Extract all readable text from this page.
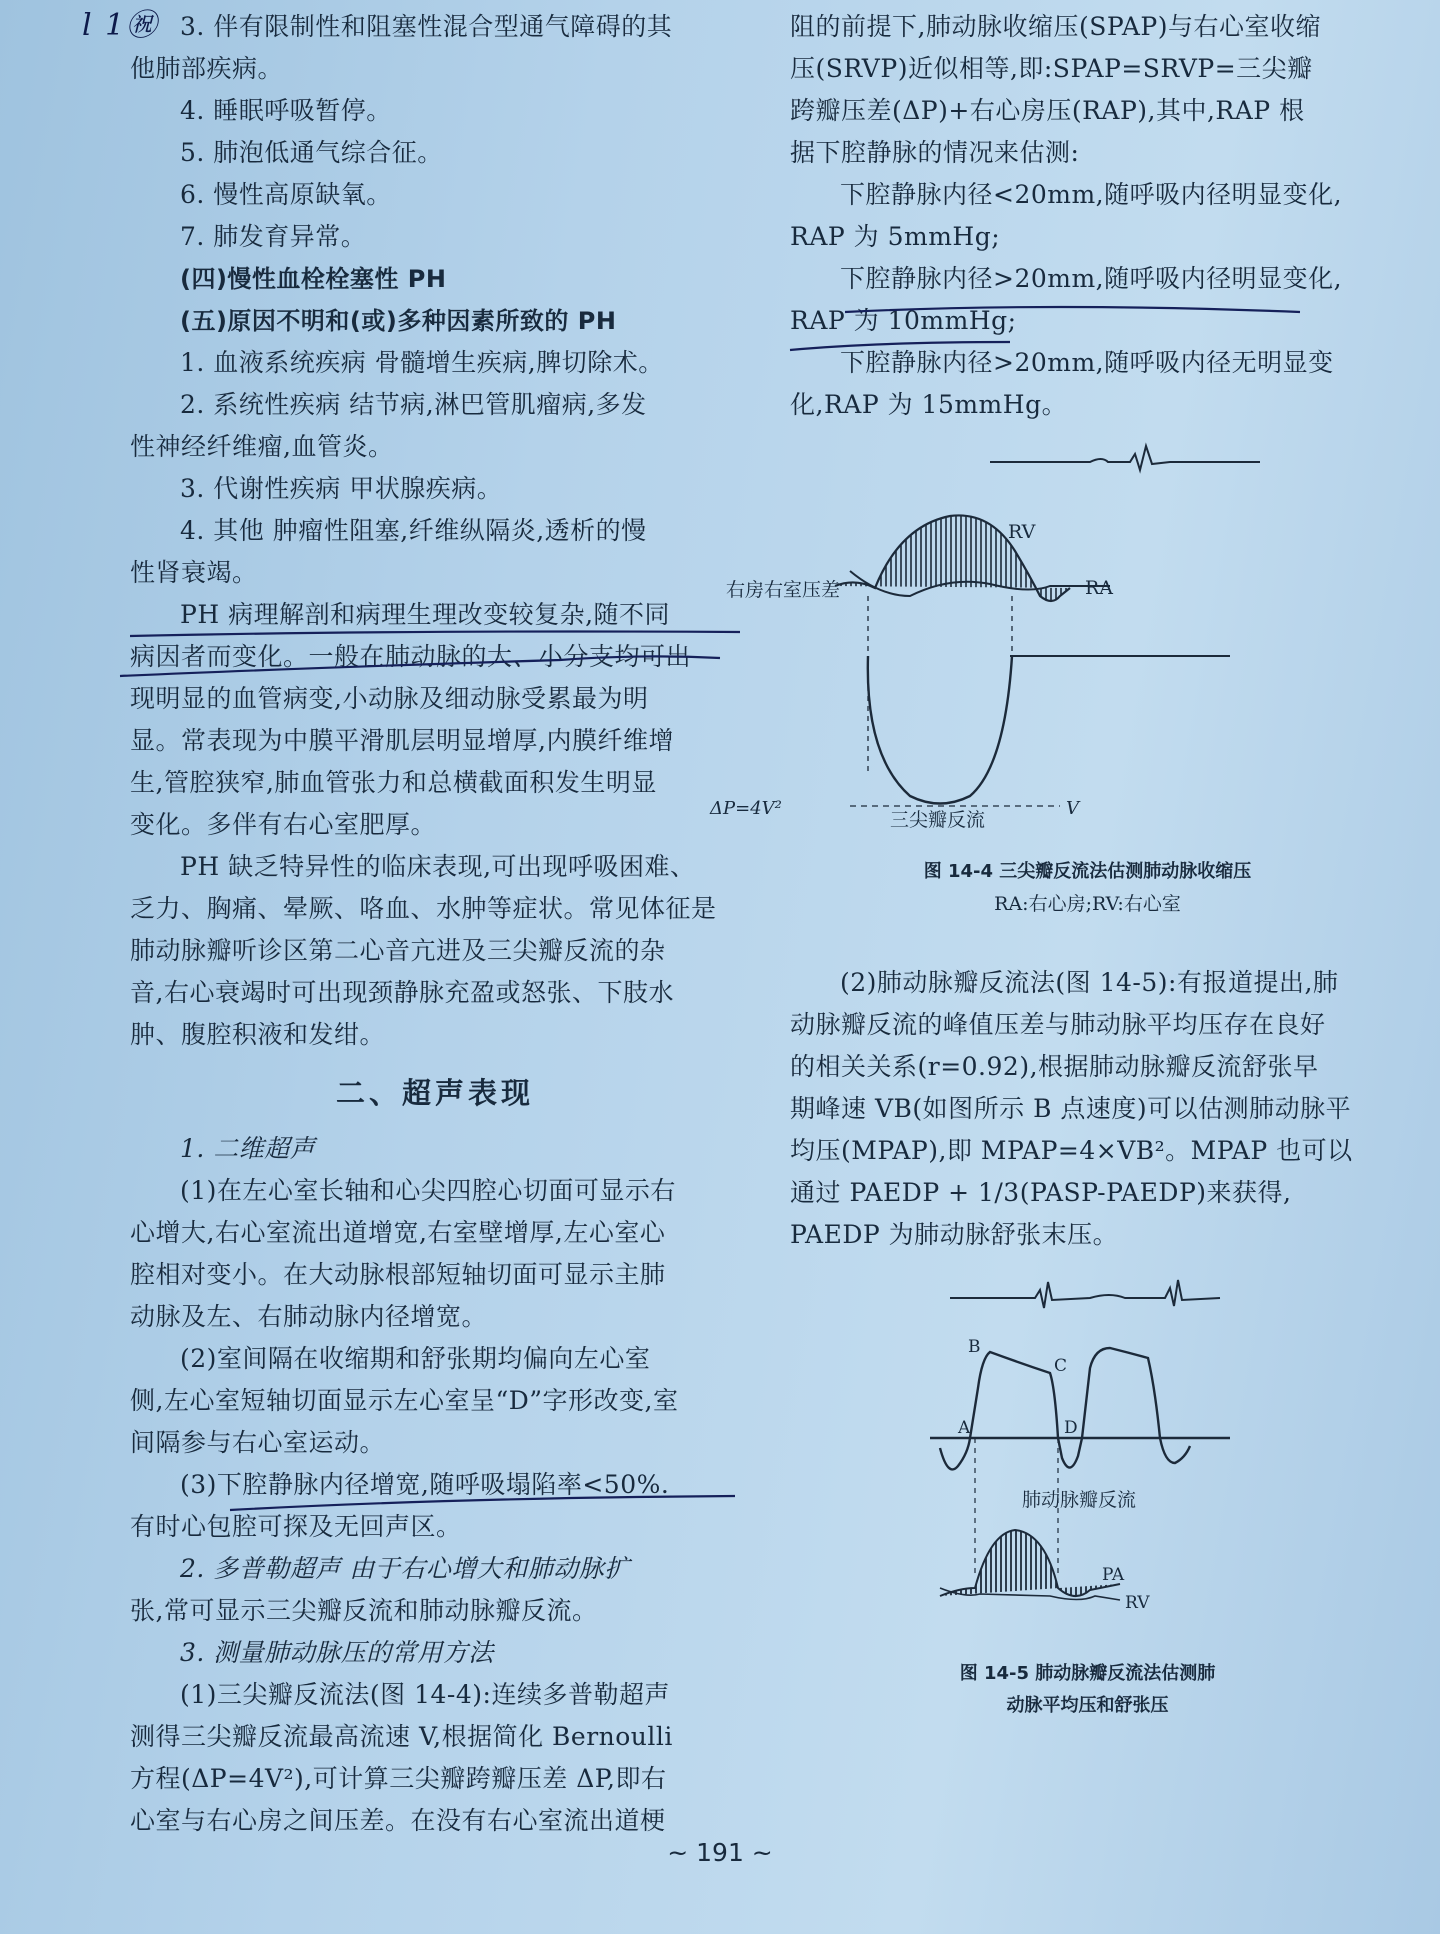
l 1㊗ 3. 伴有限制性和阻塞性混合型通气障碍的其

他肺部疾病。

4. 睡眠呼吸暂停。

5. 肺泡低通气综合征。

6. 慢性高原缺氧。

7. 肺发育异常。

(四)慢性血栓栓塞性 PH

(五)原因不明和(或)多种因素所致的 PH

1. 血液系统疾病 骨髓增生疾病,脾切除术。

2. 系统性疾病 结节病,淋巴管肌瘤病,多发

性神经纤维瘤,血管炎。

3. 代谢性疾病 甲状腺疾病。

4. 其他 肿瘤性阻塞,纤维纵隔炎,透析的慢

性肾衰竭。

PH 病理解剖和病理生理改变较复杂,随不同

病因者而变化。一般在肺动脉的大、小分支均可出

现明显的血管病变,小动脉及细动脉受累最为明

显。常表现为中膜平滑肌层明显增厚,内膜纤维增

生,管腔狭窄,肺血管张力和总横截面积发生明显

变化。多伴有右心室肥厚。

PH 缺乏特异性的临床表现,可出现呼吸困难、

乏力、胸痛、晕厥、咯血、水肿等症状。常见体征是

肺动脉瓣听诊区第二心音亢进及三尖瓣反流的杂

音,右心衰竭时可出现颈静脉充盈或怒张、下肢水

肿、腹腔积液和发绀。

二、超声表现

1. 二维超声

(1)在左心室长轴和心尖四腔心切面可显示右

心增大,右心室流出道增宽,右室壁增厚,左心室心

腔相对变小。在大动脉根部短轴切面可显示主肺

动脉及左、右肺动脉内径增宽。

(2)室间隔在收缩期和舒张期均偏向左心室

侧,左心室短轴切面显示左心室呈“D”字形改变,室

间隔参与右心室运动。

(3)下腔静脉内径增宽,随呼吸塌陷率<50%.

有时心包腔可探及无回声区。

2. 多普勒超声 由于右心增大和肺动脉扩

张,常可显示三尖瓣反流和肺动脉瓣反流。

3. 测量肺动脉压的常用方法

(1)三尖瓣反流法(图 14-4):连续多普勒超声

测得三尖瓣反流最高流速 V,根据简化 Bernoulli

方程(ΔP=4V²),可计算三尖瓣跨瓣压差 ΔP,即右

心室与右心房之间压差。在没有右心室流出道梗

阻的前提下,肺动脉收缩压(SPAP)与右心室收缩

压(SRVP)近似相等,即:SPAP=SRVP=三尖瓣

跨瓣压差(ΔP)+右心房压(RAP),其中,RAP 根

据下腔静脉的情况来估测:

下腔静脉内径<20mm,随呼吸内径明显变化,

RAP 为 5mmHg;

下腔静脉内径>20mm,随呼吸内径明显变化,

RAP 为 10mmHg;

下腔静脉内径>20mm,随呼吸内径无明显变

化,RAP 为 15mmHg。

RV
RA
右房右室压差
ΔP=4V²	V
三尖瓣反流
图 14-4 三尖瓣反流法估测肺动脉收缩压
RA:右心房;RV:右心室

(2)肺动脉瓣反流法(图 14-5):有报道提出,肺

动脉瓣反流的峰值压差与肺动脉平均压存在良好

的相关关系(r=0.92),根据肺动脉瓣反流舒张早

期峰速 VB(如图所示 B 点速度)可以估测肺动脉平

均压(MPAP),即 MPAP=4×VB²。MPAP 也可以

通过 PAEDP + 1/3(PASP-PAEDP)来获得,

PAEDP 为肺动脉舒张末压。

A
B
C
D
肺动脉瓣反流
PA
RV
图 14-5 肺动脉瓣反流法估测肺
动脉平均压和舒张压
~ 191 ~
